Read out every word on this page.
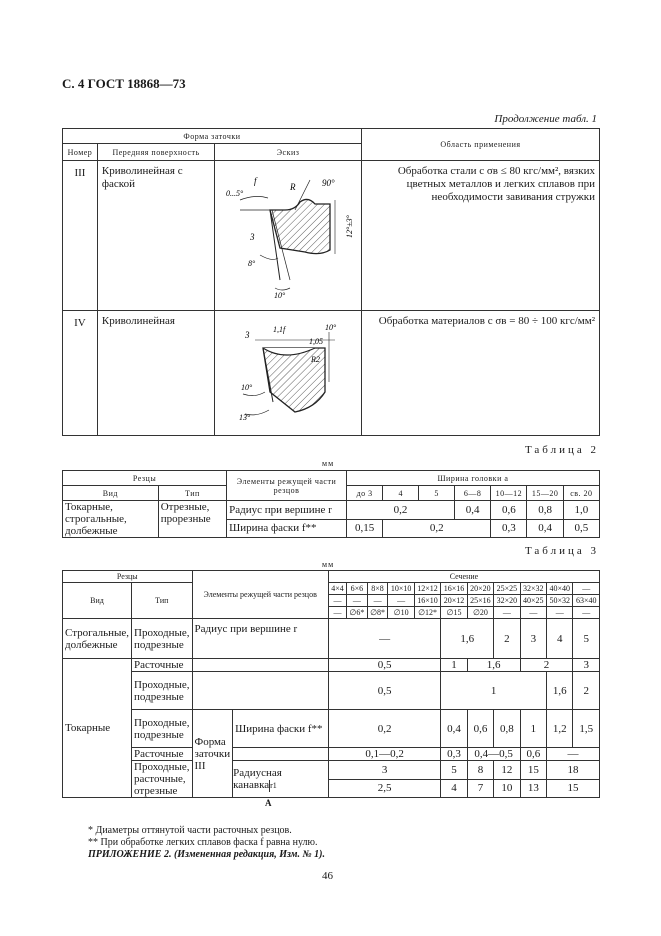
С. 4 ГОСТ 18868—73
Продолжение табл. 1
Форма заточки			Область применения
Номер	Передняя поверхность	Эскиз	
III	Криволинейная с фаской		Обработка стали с σв ≤ 80 кгс/мм², вязких цветных металлов и легких сплавов при необходимости завивания стружки
IV	Криволинейная		Обработка материалов с σв = 80 ÷ 100 кгс/мм²
f
0...5°
R	90°
12°±3°
3
8°
10°
1,1f	10°
1,05
3
R2
10°
13°
Таблица 2
мм
Резцы		Элементы режущей части резцов	Ширина головки a						
Вид	Тип		до 3	4	5	6—8	10—12	15—20	св. 20
Токарные, строгальные, долбежные	Отрезные, прорезные	Радиус при вершине r	0,2			0,4	0,6	0,8	1,0
		Ширина фаски f**	0,15	0,2			0,3	0,4	0,5
Таблица 3
мм
Резцы		Элементы режущей части резцов		Сечение										
Вид	Тип			4×4	6×6	8×8	10×10	12×12	16×16	20×20	25×25	32×32	40×40	—
				—	—	—	—	16×10	20×12	25×16	32×20	40×25	50×32	63×40
				—	∅6*	∅8*	∅10	∅12*	∅15	∅20	—	—	—	—
Строгальные, долбежные	Проходные, подрезные	Радиус при вершине r		—					1,6		2	3	4	5
Токарные	Расточные			0,5					1	1,6		2		3
	Проходные, подрезные			0,5					1				1,6	2
	Проходные, подрезные	Форма заточки III	Ширина фаски f**	0,2					0,4	0,6	0,8	1	1,2	1,5
	Расточные			0,1—0,2					0,3	0,4—0,5		0,6	—	
	Проходные, расточные, отрезные		Радиусная канавкаr1	3					5	8	12	15	18	
				2,5					4	7	10	13	15	
A
* Диаметры оттянутой части расточных резцов.
** При обработке легких сплавов фаска f равна нулю.
ПРИЛОЖЕНИЕ 2. (Измененная редакция, Изм. № 1).
46
